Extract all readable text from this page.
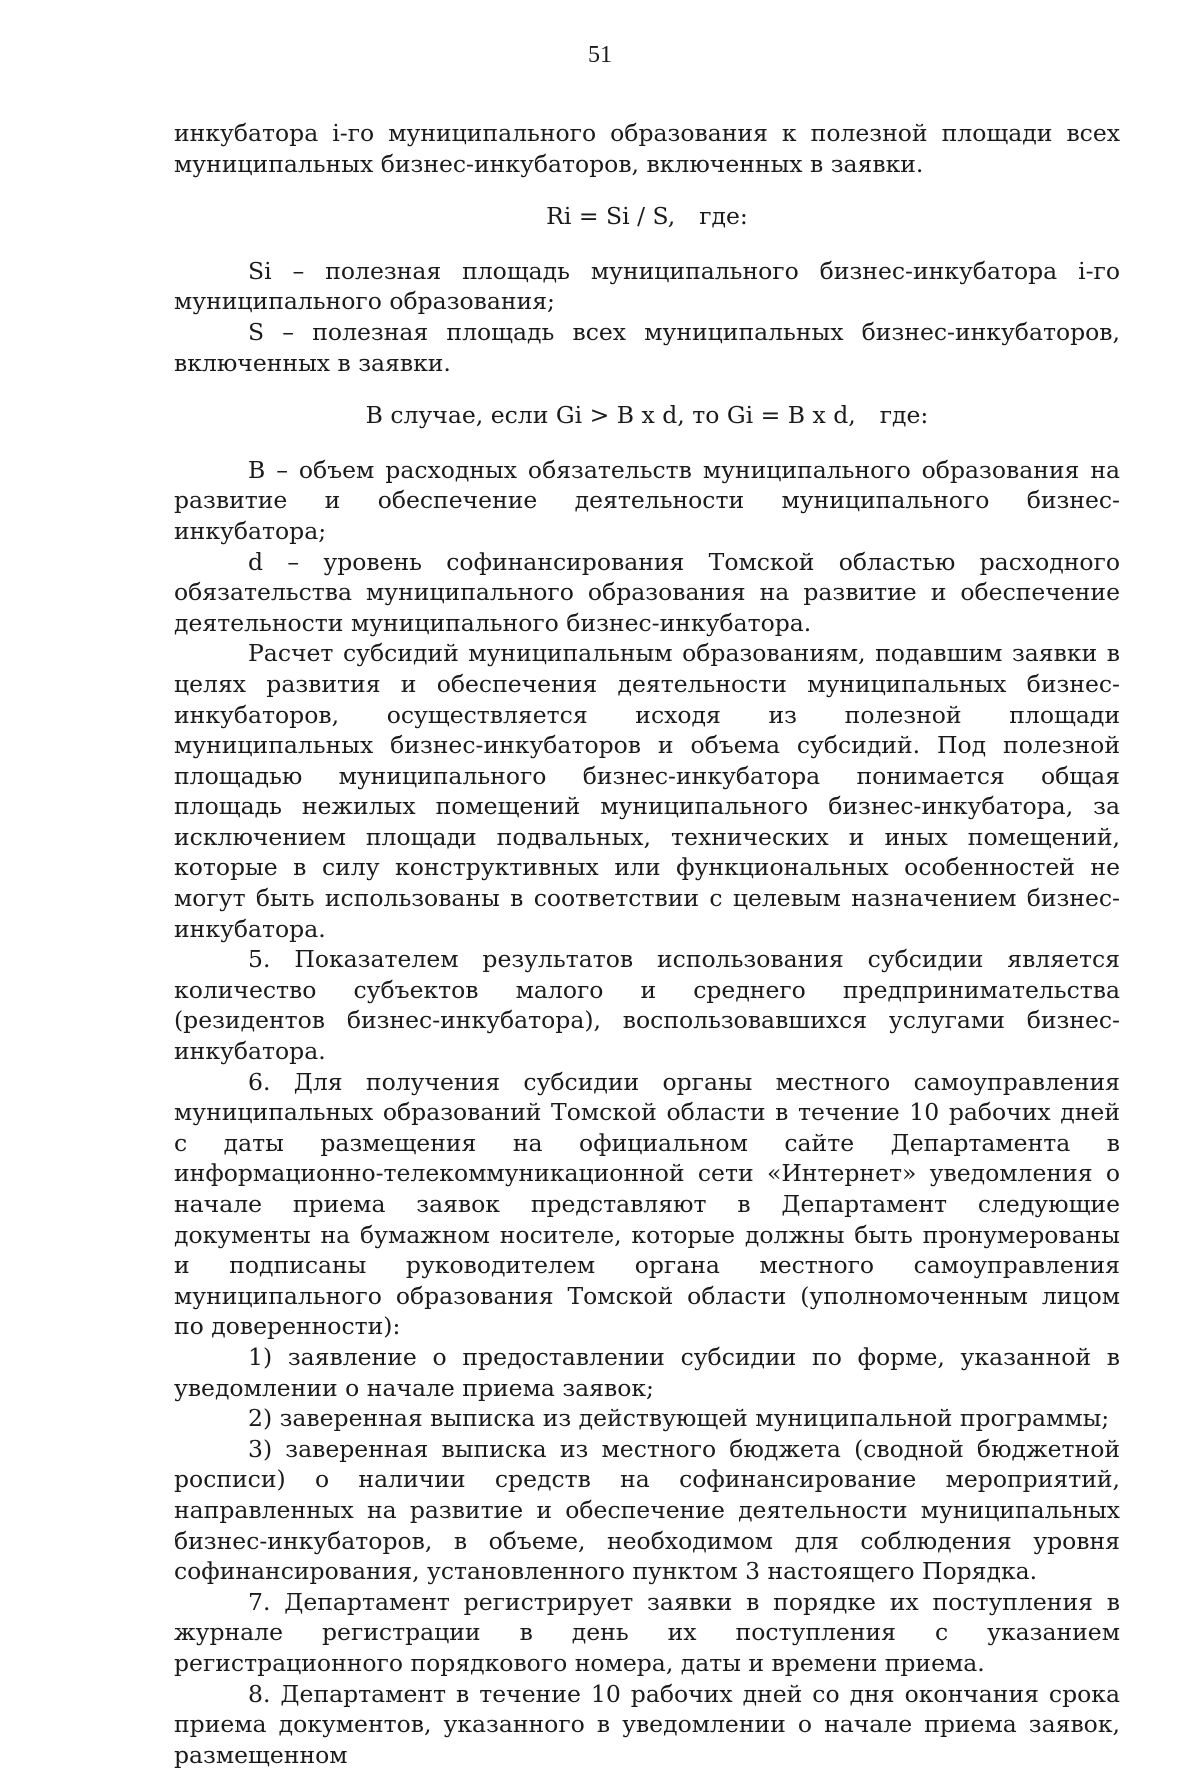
51

инкубатора i-го муниципального образования к полезной площади всех муниципальных бизнес-инкубаторов, включенных в заявки.

Ri = Si / S, где:

Si – полезная площадь муниципального бизнес-инкубатора i-го муниципального образования;

S – полезная площадь всех муниципальных бизнес-инкубаторов, включенных в заявки.

В случае, если Gi > B x d, то Gi = B x d, где:

B – объем расходных обязательств муниципального образования на развитие и обеспечение деятельности муниципального бизнес-инкубатора;

d – уровень софинансирования Томской областью расходного обязательства муниципального образования на развитие и обеспечение деятельности муниципального бизнес-инкубатора.

Расчет субсидий муниципальным образованиям, подавшим заявки в целях развития и обеспечения деятельности муниципальных бизнес-инкубаторов, осуществляется исходя из полезной площади муниципальных бизнес-инкубаторов и объема субсидий. Под полезной площадью муниципального бизнес-инкубатора понимается общая площадь нежилых помещений муниципального бизнес-инкубатора, за исключением площади подвальных, технических и иных помещений, которые в силу конструктивных или функциональных особенностей не могут быть использованы в соответствии с целевым назначением бизнес-инкубатора.

5. Показателем результатов использования субсидии является количество субъектов малого и среднего предпринимательства (резидентов бизнес-инкубатора), воспользовавшихся услугами бизнес-инкубатора.

6. Для получения субсидии органы местного самоуправления муниципальных образований Томской области в течение 10 рабочих дней с даты размещения на официальном сайте Департамента в информационно-телекоммуникационной сети «Интернет» уведомления о начале приема заявок представляют в Департамент следующие документы на бумажном носителе, которые должны быть пронумерованы и подписаны руководителем органа местного самоуправления муниципального образования Томской области (уполномоченным лицом по доверенности):

1) заявление о предоставлении субсидии по форме, указанной в уведомлении о начале приема заявок;

2) заверенная выписка из действующей муниципальной программы;

3) заверенная выписка из местного бюджета (сводной бюджетной росписи) о наличии средств на софинансирование мероприятий, направленных на развитие и обеспечение деятельности муниципальных бизнес-инкубаторов, в объеме, необходимом для соблюдения уровня софинансирования, установленного пунктом 3 настоящего Порядка.

7. Департамент регистрирует заявки в порядке их поступления в журнале регистрации в день их поступления с указанием регистрационного порядкового номера, даты и времени приема.

8. Департамент в течение 10 рабочих дней со дня окончания срока приема документов, указанного в уведомлении о начале приема заявок, размещенном
